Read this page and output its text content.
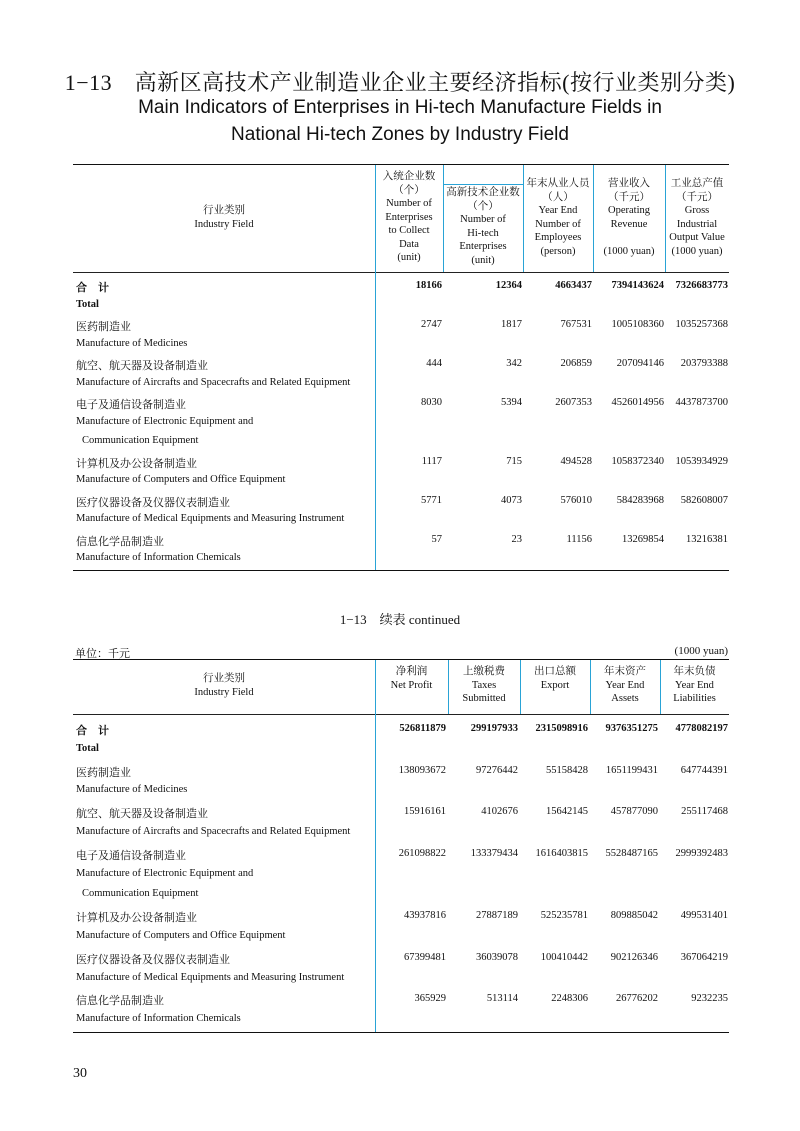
1−13　高新区高技术产业制造业企业主要经济指标(按行业类别分类)
Main Indicators of Enterprises in Hi-tech Manufacture Fields in
National Hi-tech Zones by Industry Field
行业类别
Industry Field
入统企业数
（个）
Number of
Enterprises
to Collect
Data
(unit)
高新技术企业数
（个）
Number of
Hi-tech
Enterprises
(unit)
年末从业人员
（人）
Year End
Number of
Employees
(person)
营业收入
（千元）
Operating
Revenue
(1000 yuan)
工业总产值
（千元）
Gross
Industrial
Output Value
(1000 yuan)
合　计	18166	12364	4663437 7394143624 7326683773
Total
医药制造业	2747	1817	767531 1005108360 1035257368
Manufacture of Medicines
航空、航天器及设备制造业	444	342	206859 207094146 203793388
Manufacture of Aircrafts and Spacecrafts and Related Equipment
电子及通信设备制造业	8030	5394	2607353 4526014956 4437873700
Manufacture of Electronic Equipment and
Communication Equipment
计算机及办公设备制造业	1117	715	494528 1058372340 1053934929
Manufacture of Computers and Office Equipment
医疗仪器设备及仪器仪表制造业	5771	4073	576010 584283968 582608007
Manufacture of Medical Equipments and Measuring Instrument
信息化学品制造业	57	23	11156	13269854 13216381
Manufacture of Information Chemicals
1−13　续表 continued
单位：千元	(1000 yuan)
行业类别
Industry Field
净利润
Net Profit
上缴税费
Taxes
Submitted
出口总额
Export
年末资产
Year End
Assets
年末负债
Year End
Liabilities
合　计	526811879 299197933 2315098916 9376351275 4778082197
Total
医药制造业	138093672	97276442	55158428 1651199431 647744391
Manufacture of Medicines
航空、航天器及设备制造业	15916161	4102676	15642145 457877090 255117468
Manufacture of Aircrafts and Spacecrafts and Related Equipment
电子及通信设备制造业	261098822 133379434 1616403815 5528487165 2999392483
Manufacture of Electronic Equipment and
Communication Equipment
计算机及办公设备制造业	43937816	27887189 525235781 809885042 499531401
Manufacture of Computers and Office Equipment
医疗仪器设备及仪器仪表制造业	67399481	36039078 100410442 902126346 367064219
Manufacture of Medical Equipments and Measuring Instrument
信息化学品制造业	365929	513114	2248306	26776202	9232235
Manufacture of Information Chemicals
30
